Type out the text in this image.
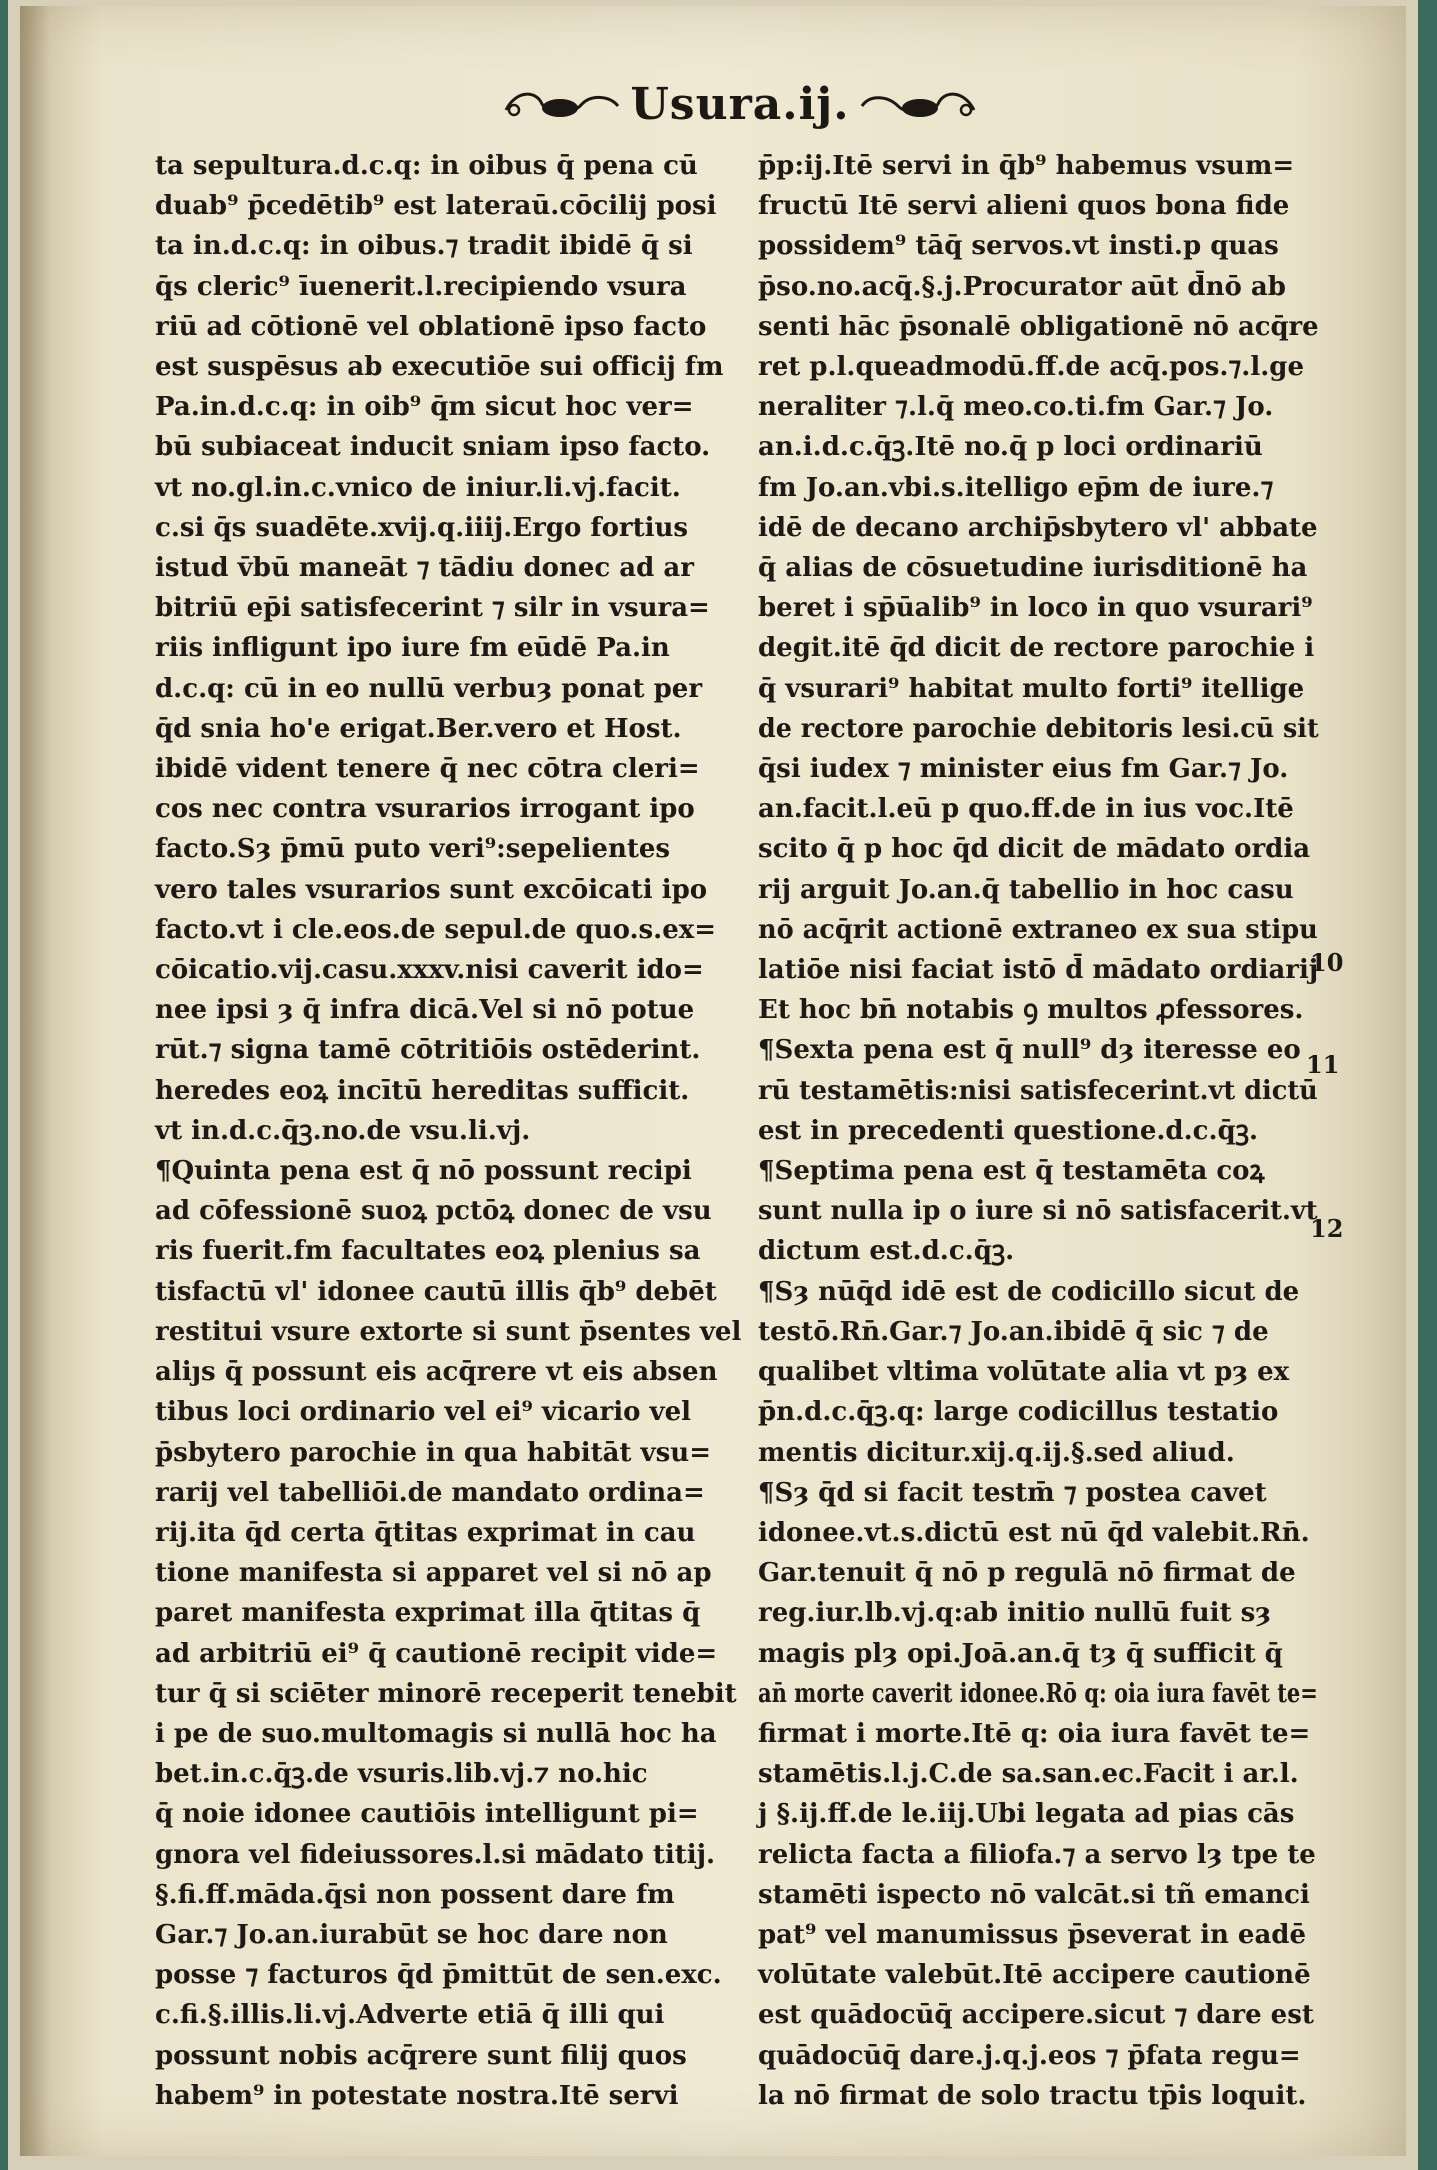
Usura.ij.
ta sepultura.d.c.q: in oibus q̄ pena cū
duab⁹ p̄cedētib⁹ est lateraū.cōcilij posi
ta in.d.c.q: in oibus.⁊ tradit ibidē q̄ si
q̄s cleric⁹ īuenerit.l.recipiendo vsura
riū ad cōtionē vel oblationē ipso facto
est suspēsus ab executiōe sui officij fm
Pa.in.d.c.q: in oib⁹ q̄m sicut hoc ver=
bū subiaceat inducit sniam ipso facto.
vt no.gl.in.c.vnico de iniur.li.vj.facit.
c.si q̄s suadēte.xvij.q.iiij.Ergo fortius
istud v̄bū maneāt ⁊ tādiu donec ad ar
bitriū ep̄i satisfecerint ⁊ silr in vsura=
riis infligunt ipo iure fm eūdē Pa.in
d.c.q: cū in eo nullū verbuȝ ponat per
q̄d snia ho'e erigat.Ber.vero et Host.
ibidē vident tenere q̄ nec cōtra cleri=
cos nec contra vsurarios irrogant ipo
facto.Sȝ p̄mū puto veri⁹:sepelientes
vero tales vsurarios sunt excōicati ipo
facto.vt i cle.eos.de sepul.de quo.s.ex=
cōicatio.vij.casu.xxxv.nisi caverit ido=
nee ipsi ȝ q̄ infra dicā.Vel si nō potue
rūt.⁊ signa tamē cōtritiōis ostēderint.
heredes eoꝝ incītū hereditas sufficit.
vt in.d.c.q̄ꝫ.no.de vsu.li.vj.
¶Quinta pena est q̄ nō possunt recipi
ad cōfessionē suoꝝ pctōꝝ donec de vsu
ris fuerit.fm facultates eoꝝ plenius sa
tisfactū vl' idonee cautū illis q̄b⁹ debēt
restitui vsure extorte si sunt p̄sentes vel
aliȷs q̄ possunt eis acq̄rere vt eis absen
tibus loci ordinario vel ei⁹ vicario vel
p̄sbytero parochie in qua habitāt vsu=
rarij vel tabelliōi.de mandato ordina=
rij.ita q̄d certa q̄titas exprimat in cau
tione manifesta si apparet vel si nō ap
paret manifesta exprimat illa q̄titas q̄
ad arbitriū ei⁹ q̄ cautionē recipit vide=
tur q̄ si sciēter minorē receperit tenebit
i pe de suo.multomagis si nullā hoc ha
bet.in.c.q̄ꝫ.de vsuris.lib.vj.⁊ no.hic
q̄ noie idonee cautiōis intelligunt pi=
gnora vel fideiussores.l.si mādato titij.
§.fi.ff.māda.q̄si non possent dare fm
Gar.⁊ Jo.an.iurabūt se hoc dare non
posse ⁊ facturos q̄d p̄mittūt de sen.exc.
c.fi.§.illis.li.vj.Adverte etiā q̄ illi qui
possunt nobis acq̄rere sunt filij quos
habem⁹ in potestate nostra.Itē servi
p̄p:ij.Itē servi in q̄b⁹ habemus vsum=
fructū Itē servi alieni quos bona fide
possidem⁹ tāq̄ servos.vt insti.p quas
p̄so.no.acq̄.§.j.Procurator aūt d̄nō ab
senti hāc p̄sonalē obligationē nō acq̄re
ret p.l.queadmodū.ff.de acq̄.pos.⁊.l.ge
neraliter ⁊.l.q̄ meo.co.ti.fm Gar.⁊ Jo.
an.i.d.c.q̄ꝫ.Itē no.q̄ p loci ordinariū
fm Jo.an.vbi.s.itelligo ep̄m de iure.⁊
idē de decano archip̄sbytero vl' abbate
q̄ alias de cōsuetudine iurisditionē ha
beret i sp̄ūalib⁹ in loco in quo vsurari⁹
degit.itē q̄d dicit de rectore parochie i
q̄ vsurari⁹ habitat multo forti⁹ itellige
de rectore parochie debitoris lesi.cū sit
q̄si iudex ⁊ minister eius fm Gar.⁊ Jo.
an.facit.l.eū p quo.ff.de in ius voc.Itē
scito q̄ p hoc q̄d dicit de mādato ordia
rij arguit Jo.an.q̄ tabellio in hoc casu
nō acq̄rit actionē extraneo ex sua stipu
latiōe nisi faciat istō d̄ mādato ordiarij
Et hoc bn̄ notabis ꝯ multos ꝓfessores.
¶Sexta pena est q̄ null⁹ dȝ iteresse eo
rū testamētis:nisi satisfecerint.vt dictū
est in precedenti questione.d.c.q̄ꝫ.
¶Septima pena est q̄ testamēta coꝝ
sunt nulla ip o iure si nō satisfacerit.vt
dictum est.d.c.q̄ꝫ.
¶Sȝ nūq̄d idē est de codicillo sicut de
testō.Rn̄.Gar.⁊ Jo.an.ibidē q̄ sic ⁊ de
qualibet vltima volūtate alia vt pȝ ex
p̄n.d.c.q̄ꝫ.q: large codicillus testatio
mentis dicitur.xij.q.ij.§.sed aliud.
¶Sȝ q̄d si facit testm̄ ⁊ postea cavet
idonee.vt.s.dictū est nū q̄d valebit.Rn̄.
Gar.tenuit q̄ nō p regulā nō firmat de
reg.iur.lb.vj.q:ab initio nullū fuit sȝ
magis plȝ opi.Joā.an.q̄ tȝ q̄ sufficit q̄
an̄ morte caverit idonee.Rō q: oia iura favēt te=
firmat i morte.Itē q: oia iura favēt te=
stamētis.l.j.C.de sa.san.ec.Facit i ar.l.
j §.ij.ff.de le.iij.Ubi legata ad pias cās
relicta facta a filiofa.⁊ a servo lȝ tpe te
stamēti ispecto nō valcāt.si tñ emanci
pat⁹ vel manumissus p̄severat in eadē
volūtate valebūt.Itē accipere cautionē
est quādocūq̄ accipere.sicut ⁊ dare est
quādocūq̄ dare.j.q.j.eos ⁊ p̄fata regu=
la nō firmat de solo tractu tp̄is loquit.
10
11
12
